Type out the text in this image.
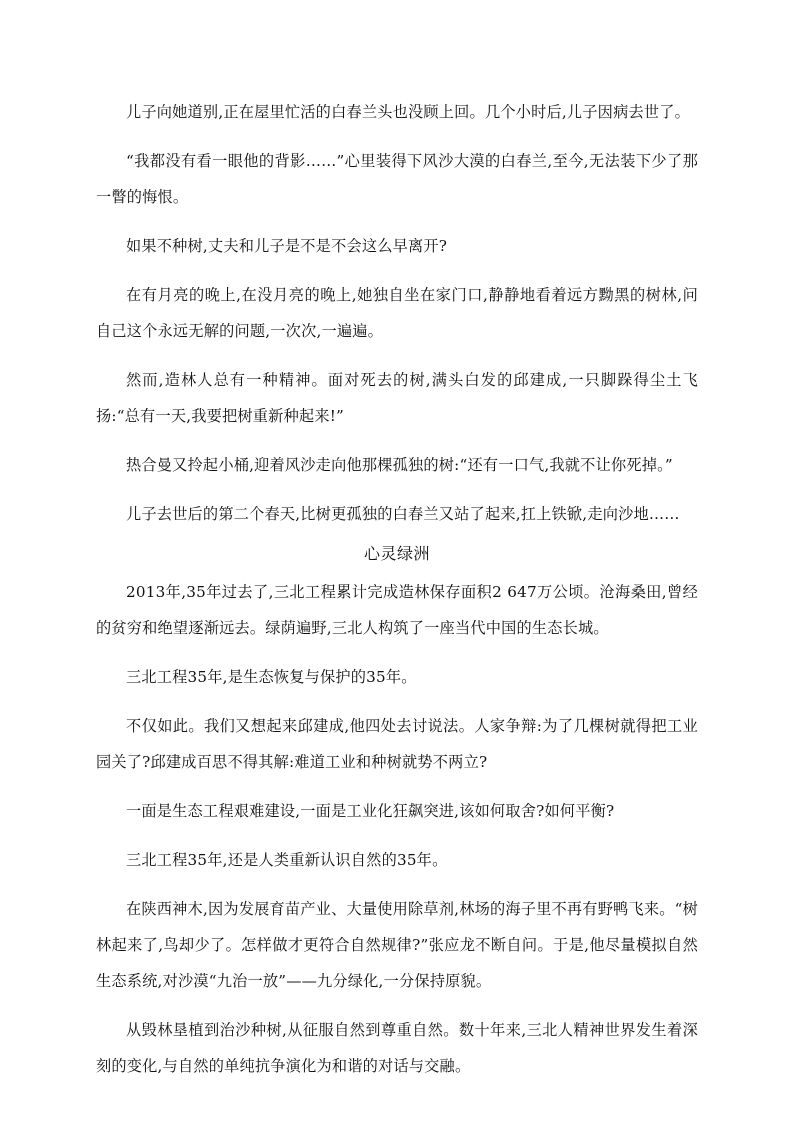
儿子向她道别,正在屋里忙活的白春兰头也没顾上回。几个小时后,儿子因病去世了。

“我都没有看一眼他的背影……”心里装得下风沙大漠的白春兰,至今,无法装下少了那一瞥的悔恨。

如果不种树,丈夫和儿子是不是不会这么早离开?

在有月亮的晚上,在没月亮的晚上,她独自坐在家门口,静静地看着远方黝黑的树林,问自己这个永远无解的问题,一次次,一遍遍。

然而,造林人总有一种精神。面对死去的树,满头白发的邱建成,一只脚跺得尘土飞扬:“总有一天,我要把树重新种起来!”

热合曼又拎起小桶,迎着风沙走向他那棵孤独的树:“还有一口气,我就不让你死掉。”

儿子去世后的第二个春天,比树更孤独的白春兰又站了起来,扛上铁锨,走向沙地……

心灵绿洲

2013年,35年过去了,三北工程累计完成造林保存面积2 647万公顷。沧海桑田,曾经的贫穷和绝望逐渐远去。绿荫遍野,三北人构筑了一座当代中国的生态长城。

三北工程35年,是生态恢复与保护的35年。

不仅如此。我们又想起来邱建成,他四处去讨说法。人家争辩:为了几棵树就得把工业园关了?邱建成百思不得其解:难道工业和种树就势不两立?

一面是生态工程艰难建设,一面是工业化狂飙突进,该如何取舍?如何平衡?

三北工程35年,还是人类重新认识自然的35年。

在陕西神木,因为发展育苗产业、大量使用除草剂,林场的海子里不再有野鸭飞来。“树林起来了,鸟却少了。怎样做才更符合自然规律?”张应龙不断自问。于是,他尽量模拟自然生态系统,对沙漠“九治一放”——九分绿化,一分保持原貌。

从毁林垦植到治沙种树,从征服自然到尊重自然。数十年来,三北人精神世界发生着深刻的变化,与自然的单纯抗争演化为和谐的对话与交融。
